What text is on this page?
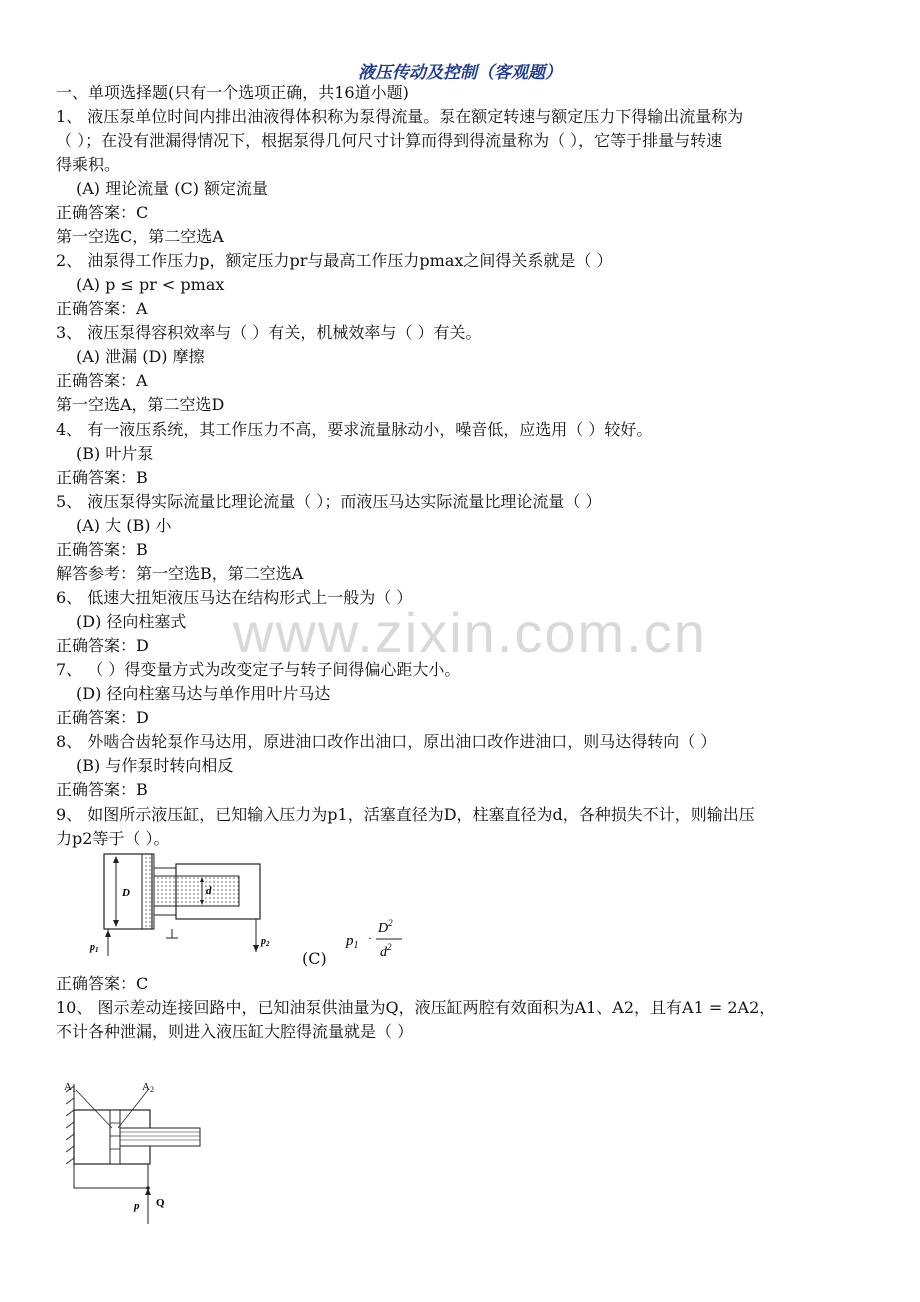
液压传动及控制（客观题）
一、单项选择题(只有一个选项正确，共16道小题)
1、 液压泵单位时间内排出油液得体积称为泵得流量。泵在额定转速与额定压力下得输出流量称为
（ ）；在没有泄漏得情况下，根据泵得几何尺寸计算而得到得流量称为（ ），它等于排量与转速
得乘积。
(A) 理论流量 (C) 额定流量
正确答案：C
第一空选C，第二空选A
2、 油泵得工作压力p，额定压力pr与最高工作压力pmax之间得关系就是（ ）
(A) p ≤ pr < pmax
正确答案：A
3、 液压泵得容积效率与（ ）有关，机械效率与（ ）有关。
(A) 泄漏 (D) 摩擦
正确答案：A
第一空选A，第二空选D
4、 有一液压系统，其工作压力不高，要求流量脉动小，噪音低，应选用（ ）较好。
(B) 叶片泵
正确答案：B
5、 液压泵得实际流量比理论流量（ ）；而液压马达实际流量比理论流量（ ）
(A) 大 (B) 小
正确答案：B
解答参考：第一空选B，第二空选A
6、 低速大扭矩液压马达在结构形式上一般为（ ）
(D) 径向柱塞式
正确答案：D
7、 （ ）得变量方式为改变定子与转子间得偏心距大小。
(D) 径向柱塞马达与单作用叶片马达
正确答案：D
8、 外啮合齿轮泵作马达用，原进油口改作出油口，原出油口改作进油口，则马达得转向（ ）
(B) 与作泵时转向相反
正确答案：B
9、 如图所示液压缸，已知输入压力为p1，活塞直径为D，柱塞直径为d，各种损失不计，则输出压
力p2等于（ ）。
D	d
$p_1$
$p_2$
(C)
$p_1$
·
$D^2$
$d^2$
正确答案：C
10、 图示差动连接回路中，已知油泵供油量为Q，液压缸两腔有效面积为A1、A2，且有A1 = 2A2，
不计各种泄漏，则进入液压缸大腔得流量就是（ ）
A1	A2
p Q
www.zixin.com.cn
